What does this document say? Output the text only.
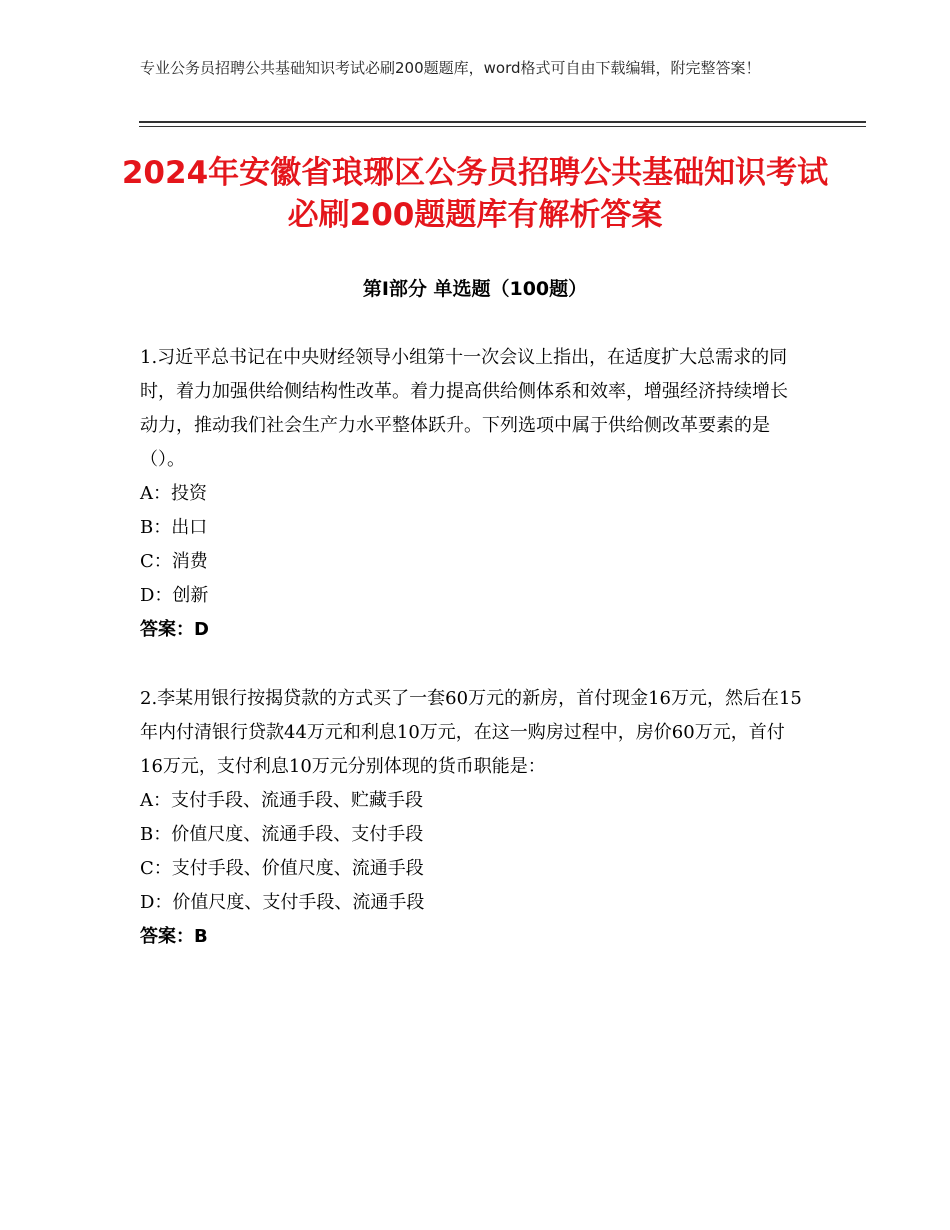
专业公务员招聘公共基础知识考试必刷200题题库，word格式可自由下载编辑，附完整答案！
2024年安徽省琅琊区公务员招聘公共基础知识考试必刷200题题库有解析答案
第Ⅰ部分 单选题（100题）

1.习近平总书记在中央财经领导小组第十一次会议上指出，在适度扩大总需求的同时，着力加强供给侧结构性改革。着力提高供给侧体系和效率，增强经济持续增长动力，推动我们社会生产力水平整体跃升。下列选项中属于供给侧改革要素的是（）。

A：投资

B：出口

C：消费

D：创新

答案：D

2.李某用银行按揭贷款的方式买了一套60万元的新房，首付现金16万元，然后在15年内付清银行贷款44万元和利息10万元，在这一购房过程中，房价60万元，首付16万元，支付利息10万元分别体现的货币职能是：

A：支付手段、流通手段、贮藏手段

B：价值尺度、流通手段、支付手段

C：支付手段、价值尺度、流通手段

D：价值尺度、支付手段、流通手段

答案：B
